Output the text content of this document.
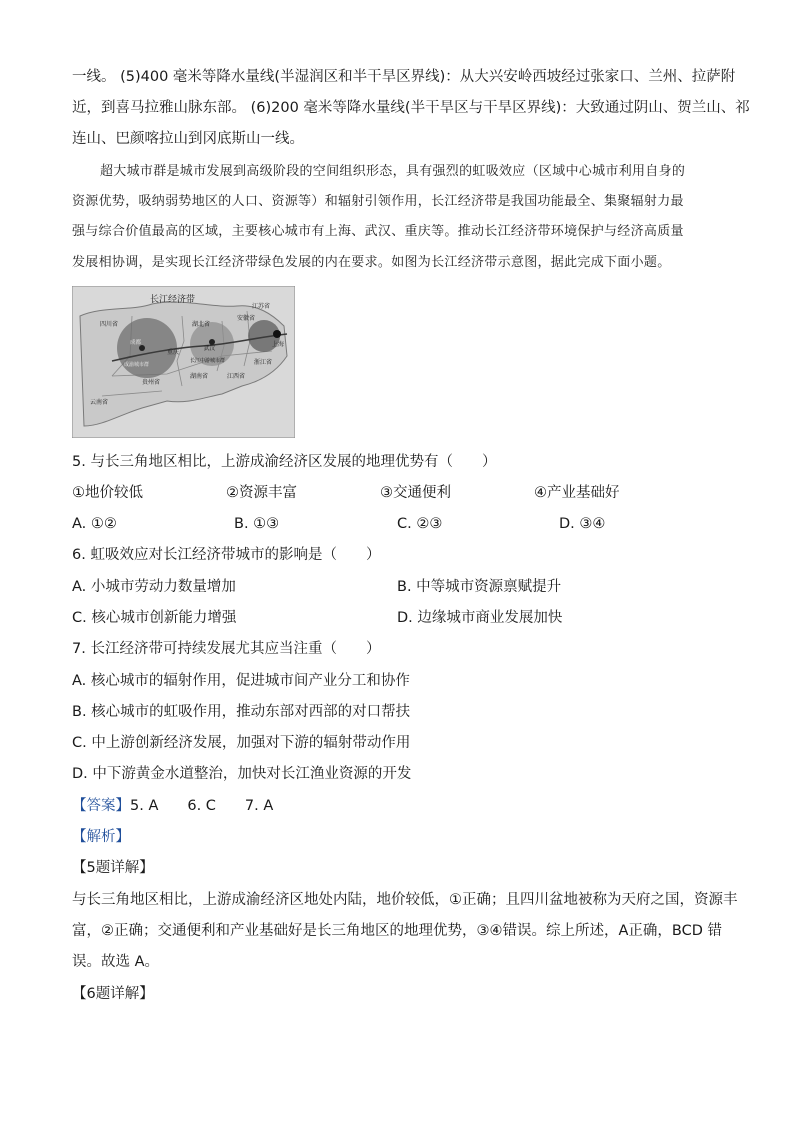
一线。 (5)400 毫米等降水量线(半湿润区和半干旱区界线)：从大兴安岭西坡经过张家口、兰州、拉萨附
近，到喜马拉雅山脉东部。 (6)200 毫米等降水量线(半干旱区与干旱区界线)：大致通过阴山、贺兰山、祁
连山、巴颜喀拉山到冈底斯山一线。
超大城市群是城市发展到高级阶段的空间组织形态，具有强烈的虹吸效应（区域中心城市利用自身的
资源优势，吸纳弱势地区的人口、资源等）和辐射引领作用，长江经济带是我国功能最全、集聚辐射力最
强与综合价值最高的区域，主要核心城市有上海、武汉、重庆等。推动长江经济带环境保护与经济高质量
发展相协调，是实现长江经济带绿色发展的内在要求。如图为长江经济带示意图，据此完成下面小题。
长江经济带
四川省
重庆
湖北省
安徽省
江苏省
上海
浙江省
江西省
湖南省
贵州省
云南省
武汉
成都
长江中游城市群
成渝城市群
5. 与长三角地区相比，上游成渝经济区发展的地理优势有（　　）
①地价较低	②资源丰富	③交通便利	④产业基础好
A. ①②	B. ①③	C. ②③	D. ③④
6. 虹吸效应对长江经济带城市的影响是（　　）
A. 小城市劳动力数量增加	B. 中等城市资源禀赋提升
C. 核心城市创新能力增强	D. 边缘城市商业发展加快
7. 长江经济带可持续发展尤其应当注重（　　）
A. 核心城市的辐射作用，促进城市间产业分工和协作
B. 核心城市的虹吸作用，推动东部对西部的对口帮扶
C. 中上游创新经济发展，加强对下游的辐射带动作用
D. 中下游黄金水道整治，加快对长江渔业资源的开发
【答案】5. A　　6. C　　7. A
【解析】
【5题详解】
与长三角地区相比，上游成渝经济区地处内陆，地价较低，①正确；且四川盆地被称为天府之国，资源丰
富，②正确；交通便利和产业基础好是长三角地区的地理优势，③④错误。综上所述，A正确，BCD 错
误。故选 A。
【6题详解】
